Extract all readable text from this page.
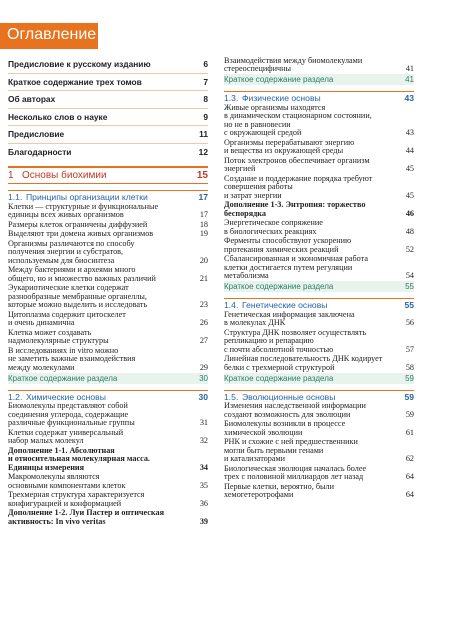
Оглавление
Предисловие к русскому изданию	6
Краткое содержание трех томов	7
Об авторах	8
Несколько слов о науке	9
Предисловие	11
Благодарности	12
1 Основы биохимии	15
1.1. Принципы организации клетки	17
Клетки — структурные и функциональные
единицы всех живых организмов	17
Размеры клеток ограничены диффузией	18
Выделяют три домена живых организмов	19
Организмы различаются по способу
получения энергии и субстратов,
используемым для биосинтеза	20
Между бактериями и археями много
общего, но и множество важных различий	21
Эукариотические клетки содержат
разнообразные мембранные органеллы,
которые можно выделить и исследовать	23
Цитоплазма содержит цитоскелет
и очень динамична	26
Клетка может создавать
надмолекулярные структуры	27
В исследованиях in vitro можно
не заметить важные взаимодействия
между молекулами	29
Краткое содержание раздела	30
1.2. Химические основы	30
Биомолекулы представляют собой
соединения углерода, содержащие
различные функциональные группы	31
Клетки содержат универсальный
набор малых молекул	32
Дополнение 1-1. Абсолютная
и относительная молекулярная масса.
Единицы измерения	34
Макромолекулы являются
основными компонентами клеток	35
Трехмерная структура характеризуется
конфигурацией и конформацией	36
Дополнение 1-2. Луи Пастер и оптическая
активность: In vivo veritas	39
Взаимодействия между биомолекулами
стереоспецифичны	41
Краткое содержание раздела	41
1.3. Физические основы	43
Живые организмы находятся
в динамическом стационарном состоянии,
но не в равновесии
с окружающей средой	43
Организмы перерабатывают энергию
и вещества из окружающей среды	44
Поток электронов обеспечивает организм
энергией	45
Создание и поддержание порядка требуют
совершения работы
и затрат энергии	45
Дополнение 1-3. Энтропия: торжество
беспорядка	46
Энергетическое сопряжение
в биологических реакциях	48
Ферменты способствуют ускорению
протекания химических реакций	52
Сбалансированная и экономичная работа
клетки достигается путем регуляции
метаболизма	54
Краткое содержание раздела	55
1.4. Генетические основы	55
Генетическая информация заключена
в молекулах ДНК	56
Структура ДНК позволяет осуществлять
репликацию и репарацию
с почти абсолютной точностью	57
Линейная последовательность ДНК кодирует
белки с трехмерной структурой	58
Краткое содержание раздела	59
1.5. Эволюционные основы	59
Изменения наследственной информации
создают возможность для эволюции	59
Биомолекулы возникли в процессе
химической эволюции	61
РНК и схожие с ней предшественники
могли быть первыми генами
и катализаторами	62
Биологическая эволюция началась более
трех с половиной миллиардов лет назад	64
Первые клетки, вероятно, были
хемогетеротрофами	64
